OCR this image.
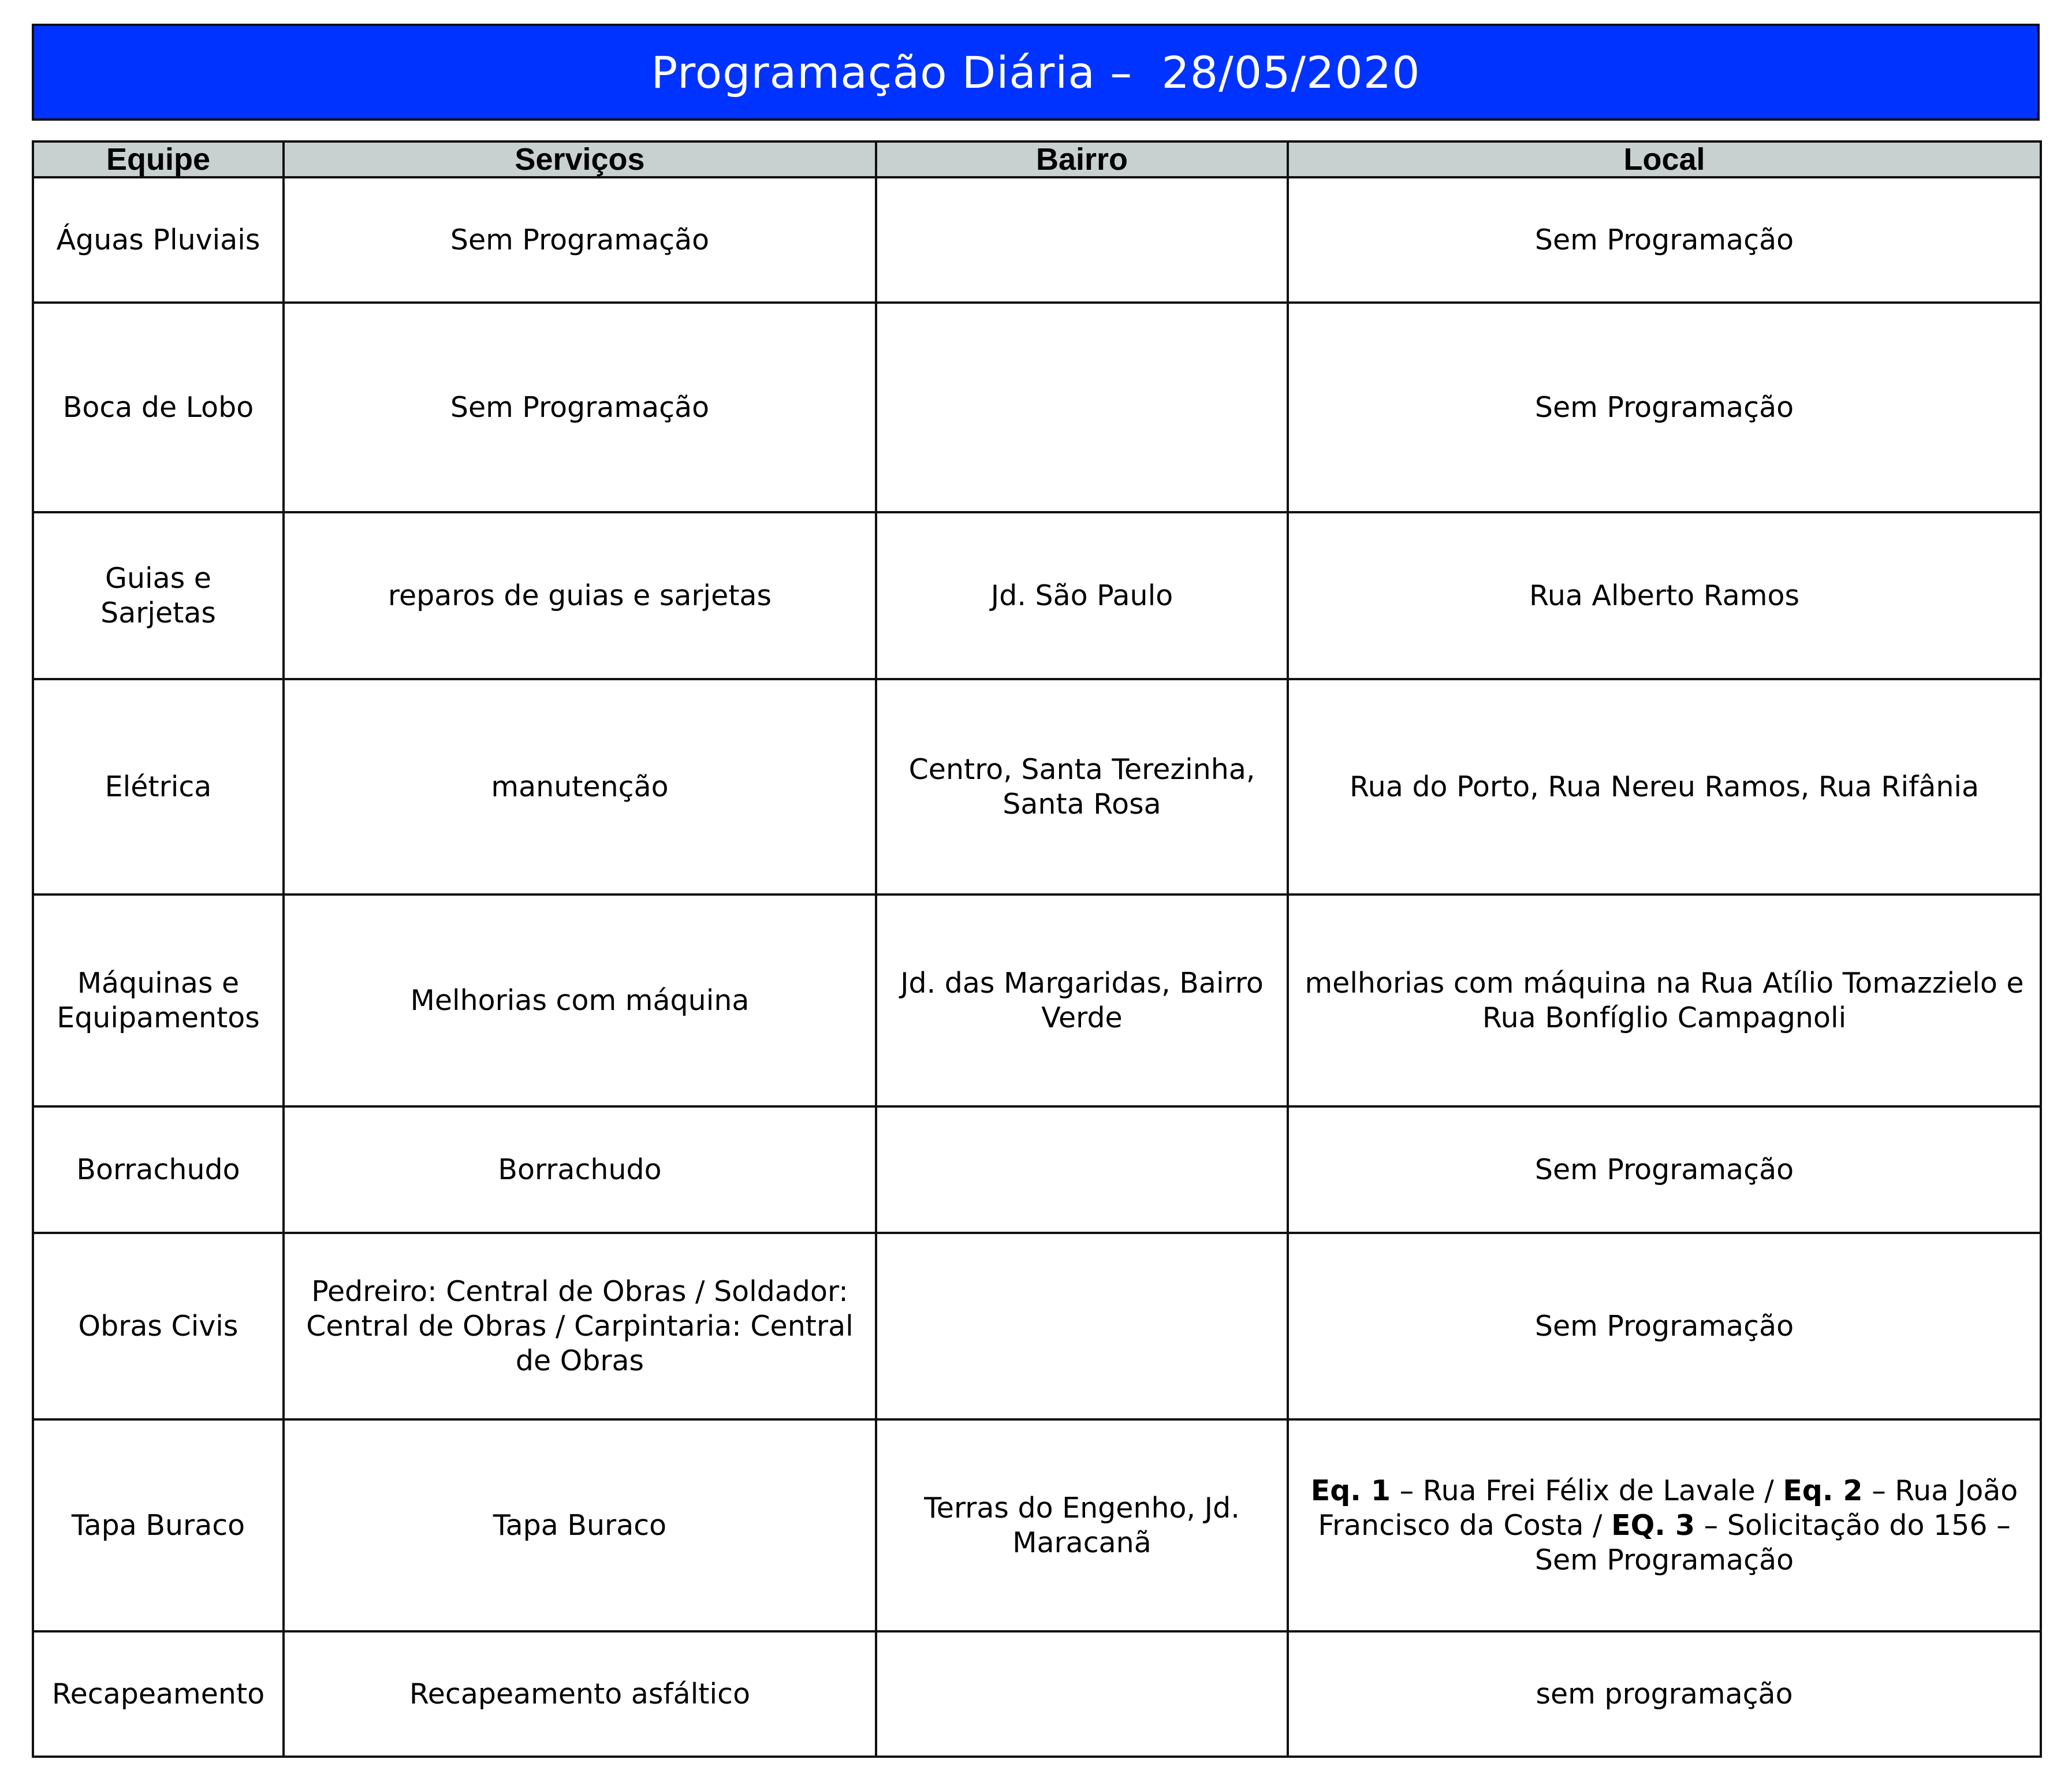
Programação Diária –  28/05/2020
Equipe	Serviços	Bairro	Local
Águas Pluviais	Sem Programação		Sem Programação
Boca de Lobo	Sem Programação		Sem Programação
Guias e Sarjetas	reparos de guias e sarjetas	Jd. São Paulo	Rua Alberto Ramos
Elétrica	manutenção	Centro, Santa Terezinha, Santa Rosa	Rua do Porto, Rua Nereu Ramos, Rua Rifânia
Máquinas e Equipamentos	Melhorias com máquina	Jd. das Margaridas, Bairro Verde	melhorias com máquina na Rua Atílio Tomazzielo e Rua Bonfíglio Campagnoli
Borrachudo	Borrachudo		Sem Programação
Obras Civis	Pedreiro: Central de Obras / Soldador: Central de Obras / Carpintaria: Central de Obras		Sem Programação
Tapa Buraco	Tapa Buraco	Terras do Engenho, Jd. Maracanã	Eq. 1 – Rua Frei Félix de Lavale / Eq. 2 – Rua João Francisco da Costa / EQ. 3 – Solicitação do 156 – Sem Programação
Recapeamento	Recapeamento asfáltico		sem programação
